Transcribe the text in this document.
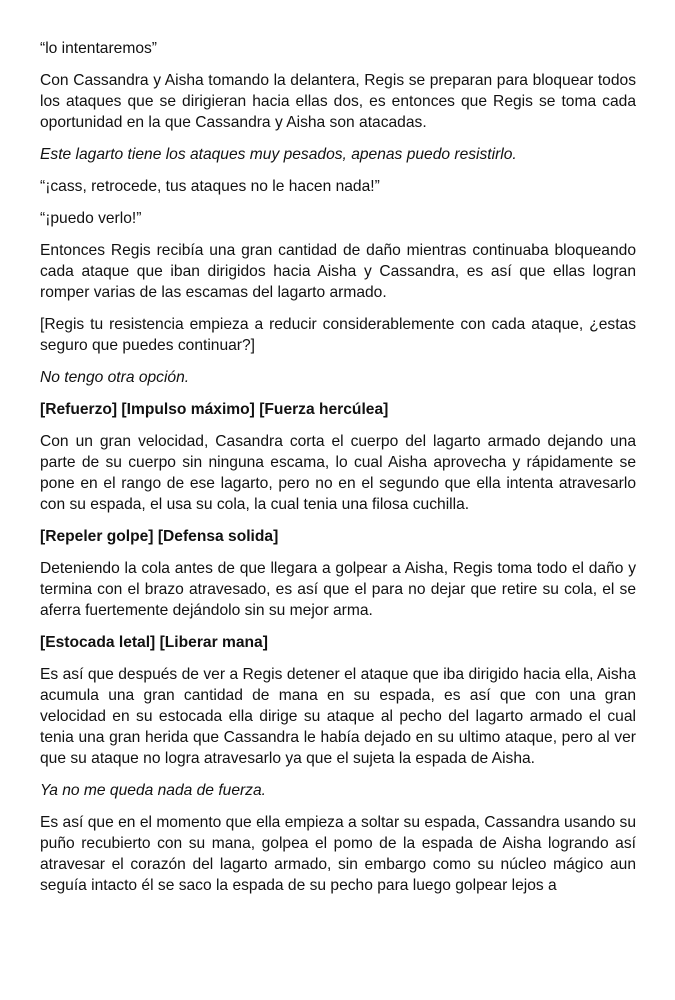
“lo intentaremos”

Con Cassandra y Aisha tomando la delantera, Regis se preparan para bloquear todos los ataques que se dirigieran hacia ellas dos, es entonces que Regis se toma cada oportunidad en la que Cassandra y Aisha son atacadas.

Este lagarto tiene los ataques muy pesados, apenas puedo resistirlo.

“¡cass, retrocede, tus ataques no le hacen nada!”

“¡puedo verlo!”

Entonces Regis recibía una gran cantidad de daño mientras continuaba bloqueando cada ataque que iban dirigidos hacia Aisha y Cassandra, es así que ellas logran romper varias de las escamas del lagarto armado.

[Regis tu resistencia empieza a reducir considerablemente con cada ataque, ¿estas seguro que puedes continuar?]

No tengo otra opción.

[Refuerzo] [Impulso máximo] [Fuerza hercúlea]

Con un gran velocidad, Casandra corta el cuerpo del lagarto armado dejando una parte de su cuerpo sin ninguna escama, lo cual Aisha aprovecha y rápidamente se pone en el rango de ese lagarto, pero no en el segundo que ella intenta atravesarlo con su espada, el usa su cola, la cual tenia una filosa cuchilla.

[Repeler golpe] [Defensa solida]

Deteniendo la cola antes de que llegara a golpear a Aisha, Regis toma todo el daño y termina con el brazo atravesado, es así que el para no dejar que retire su cola, el se aferra fuertemente dejándolo sin su mejor arma.

[Estocada letal] [Liberar mana]

Es así que después de ver a Regis detener el ataque que iba dirigido hacia ella, Aisha acumula una gran cantidad de mana en su espada, es así que con una gran velocidad en su estocada ella dirige su ataque al pecho del lagarto armado el cual tenia una gran herida que Cassandra le había dejado en su ultimo ataque, pero al ver que su ataque no logra atravesarlo ya que el sujeta la espada de Aisha.

Ya no me queda nada de fuerza.

Es así que en el momento que ella empieza a soltar su espada, Cassandra usando su puño recubierto con su mana, golpea el pomo de la espada de Aisha logrando así atravesar el corazón del lagarto armado, sin embargo como su núcleo mágico aun seguía intacto él se saco la espada de su pecho para luego golpear lejos a
